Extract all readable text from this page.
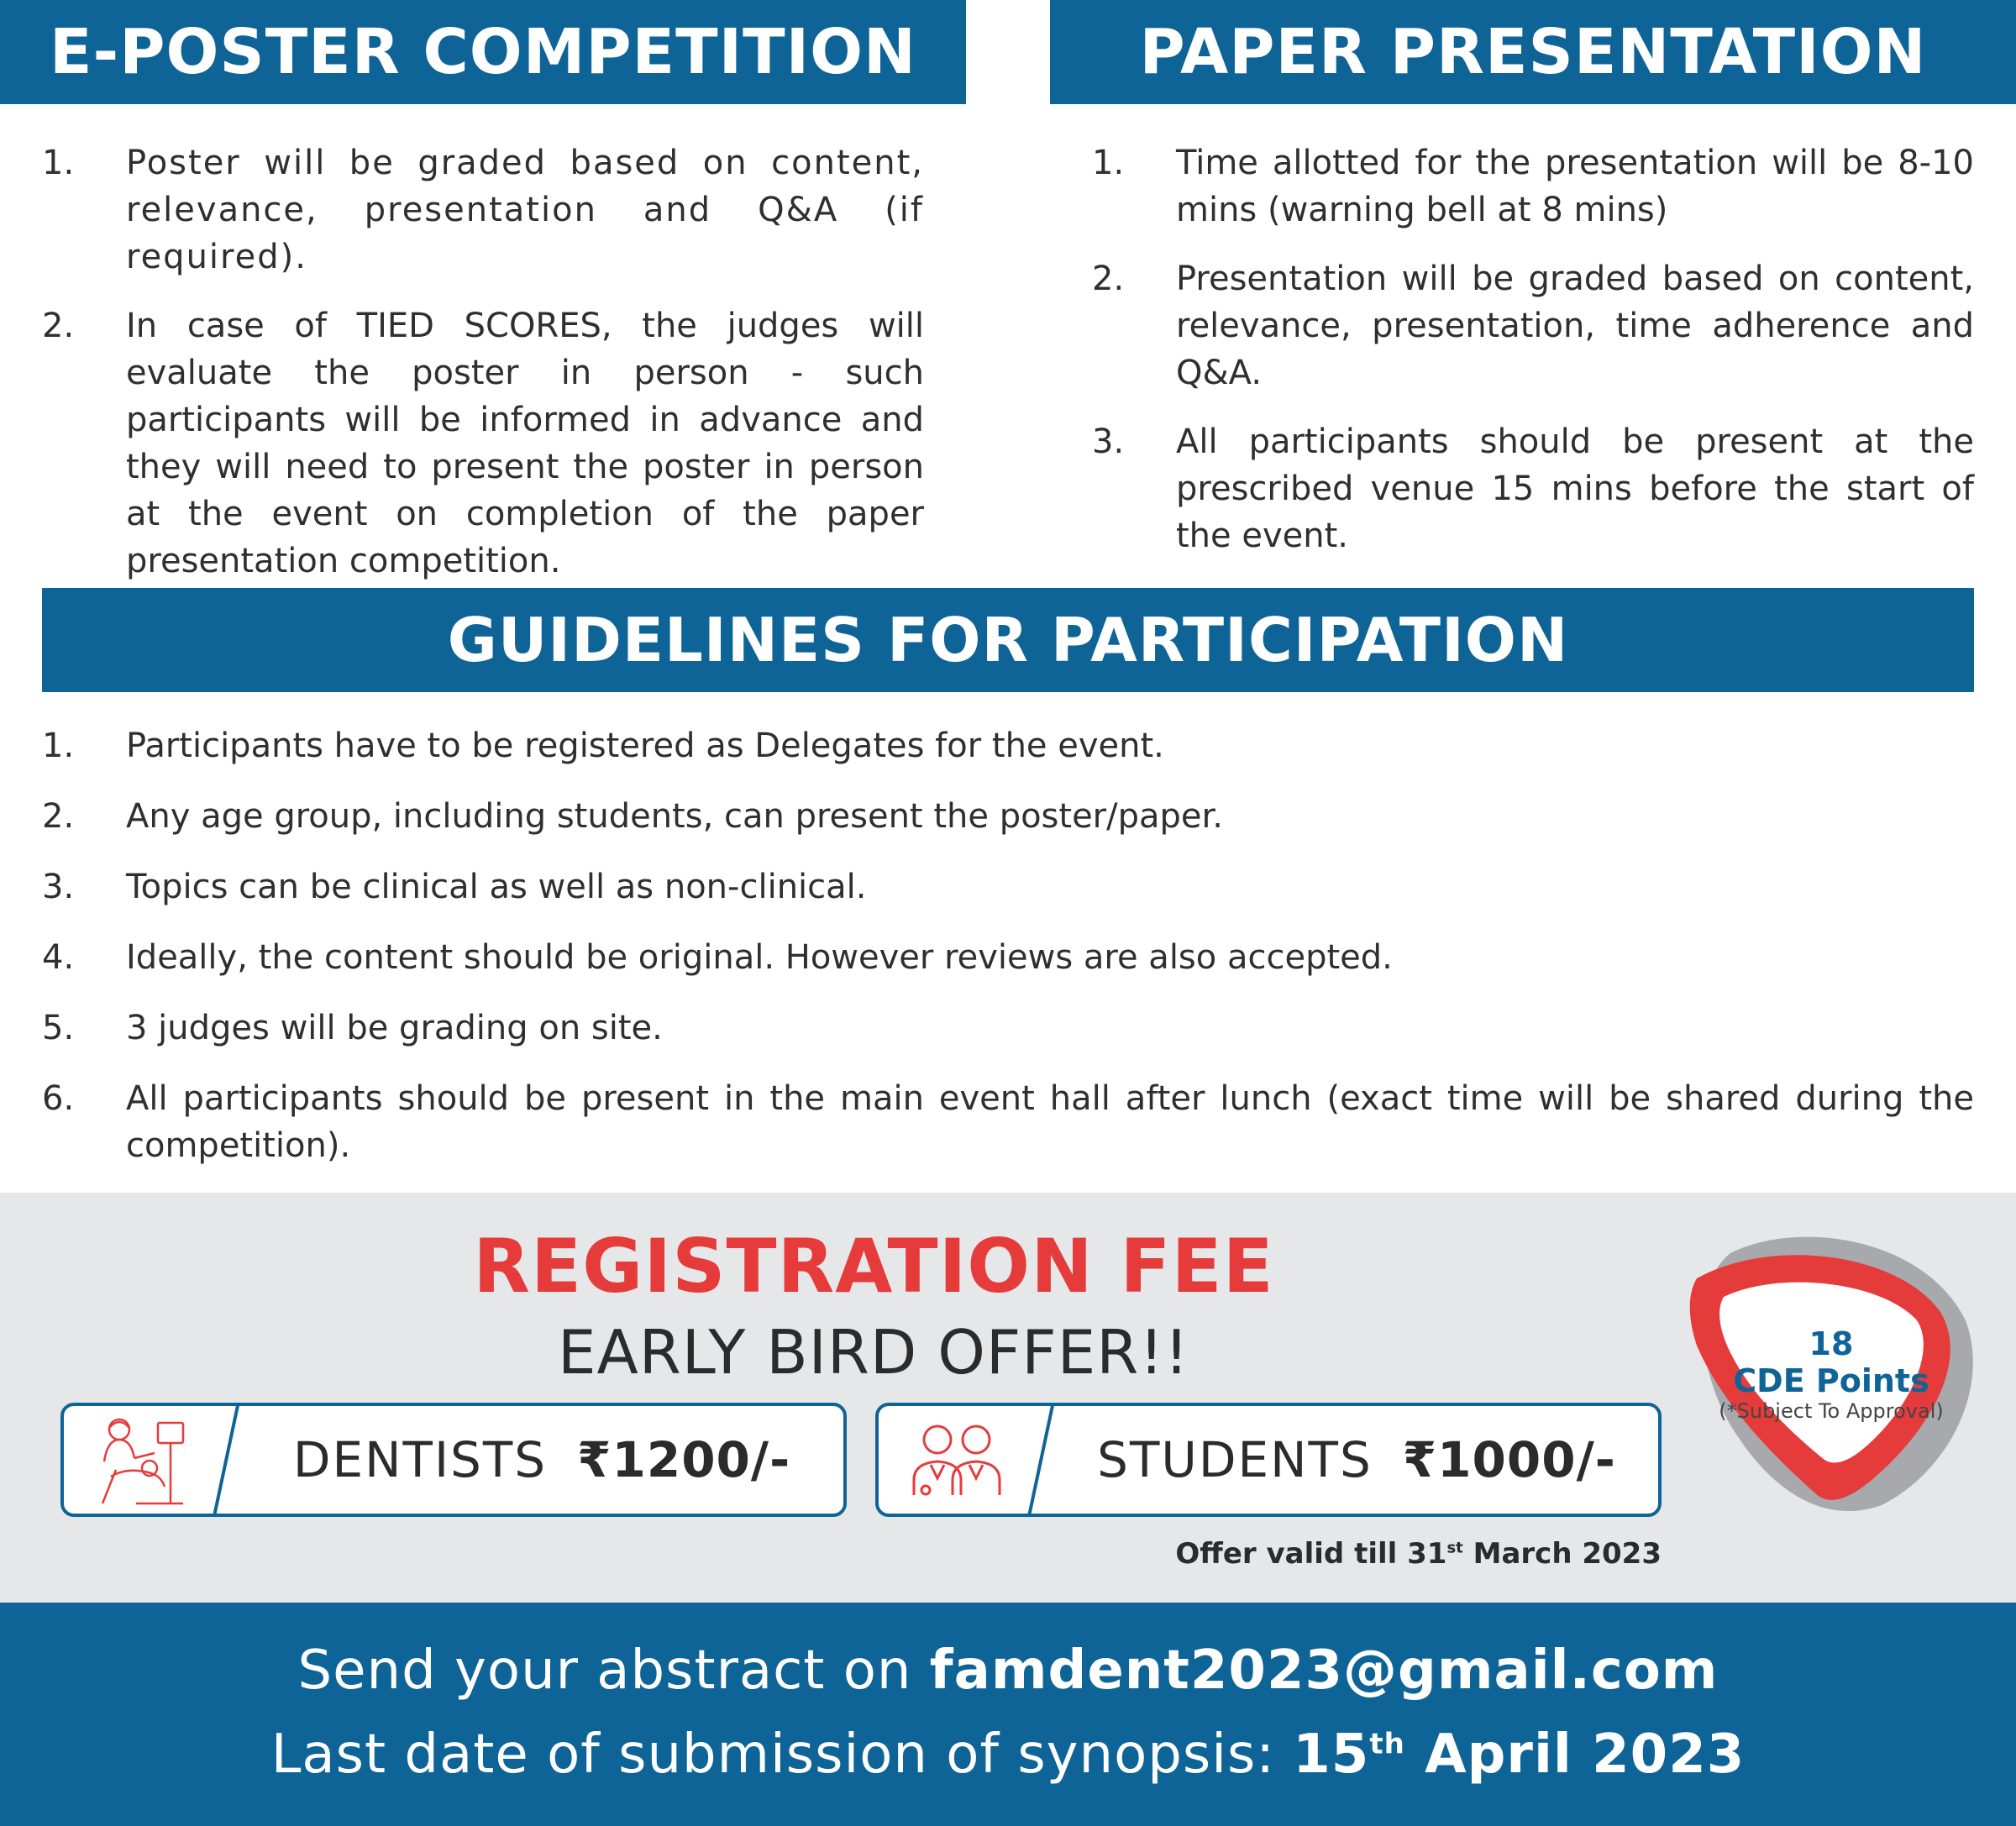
E-POSTER COMPETITION
1. Poster will be graded based on content, relevance, presentation and Q&A (if required).
2. In case of TIED SCORES, the judges will evaluate the poster in person - such participants will be informed in advance and they will need to present the poster in person at the event on completion of the paper presentation competition.
PAPER PRESENTATION
1. Time allotted for the presentation will be 8-10 mins (warning bell at 8 mins)
2. Presentation will be graded based on content, relevance, presentation, time adherence and Q&A.
3. All participants should be present at the prescribed venue 15 mins before the start of the event.
GUIDELINES FOR PARTICIPATION
1. Participants have to be registered as Delegates for the event.
2. Any age group, including students, can present the poster/paper.
3. Topics can be clinical as well as non-clinical.
4. Ideally, the content should be original. However reviews are also accepted.
5. 3 judges will be grading on site.
6. All participants should be present in the main event hall after lunch (exact time will be shared during the competition).
REGISTRATION FEE
EARLY BIRD OFFER!!
DENTISTS ₹1200/-	STUDENTS ₹1000/-
Offer valid till 31st March 2023
18
CDE Points
(*Subject To Approval)
Send your abstract on famdent2023@gmail.com
Last date of submission of synopsis: 15th April 2023
